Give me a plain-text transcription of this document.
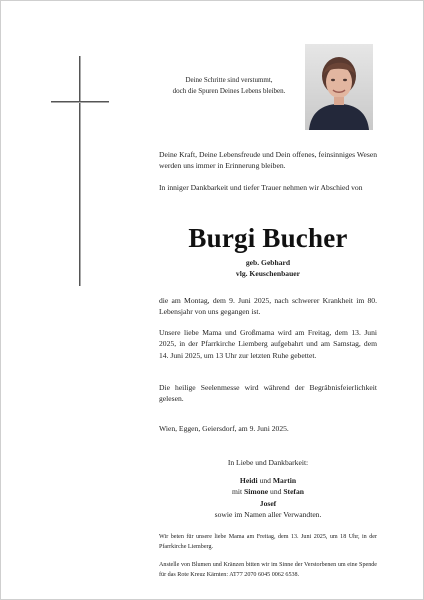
Deine Schritte sind verstummt,
doch die Spuren Deines Lebens bleiben.
Deine Kraft, Deine Lebensfreude und Dein offenes, feinsinniges Wesen werden uns immer in Erinnerung bleiben.
In inniger Dankbarkeit und tiefer Trauer nehmen wir Abschied von
Burgi Bucher
geb. Gebhard
vlg. Keuschenbauer
die am Montag, dem 9. Juni 2025, nach schwerer Krankheit im 80. Lebensjahr von uns gegangen ist.
Unsere liebe Mama und Großmama wird am Freitag, dem 13. Juni 2025, in der Pfarrkirche Liemberg aufgebahrt und am Samstag, dem 14. Juni 2025, um 13 Uhr zur letzten Ruhe gebettet.
Die heilige Seelenmesse wird während der Begräbnisfeierlichkeit gelesen.
Wien, Eggen, Geiersdorf, am 9. Juni 2025.
In Liebe und Dankbarkeit:
Heidi und Martin
mit Simone und Stefan
Josef
sowie im Namen aller Verwandten.
Wir beten für unsere liebe Mama am Freitag, dem 13. Juni 2025, um 18 Uhr, in der Pfarrkirche Liemberg.
Anstelle von Blumen und Kränzen bitten wir im Sinne der Verstorbenen um eine Spende für das Rote Kreuz Kärnten: AT77 2070 6045 0062 6538.
